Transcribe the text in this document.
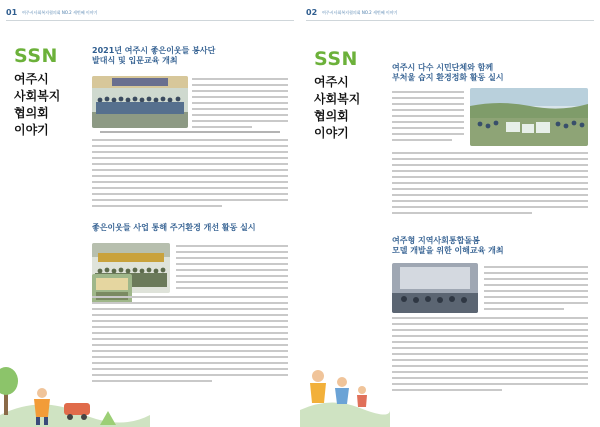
01 여주시사회복지협의회 NO.2 세번째 이야기
SSN
여주시
사회복지
협의회
이야기
2021년 여주시 좋은이웃들 봉사단
발대식 및 입문교육 개최
좋은이웃들 사업 통해 주거환경 개선 활동 실시
02 여주시사회복지협의회 NO.2 세번째 이야기
SSN
여주시
사회복지
협의회
이야기
여주시 다수 시민단체와 함께
부처울 습지 환경정화 활동 실시
여주형 지역사회통합돌봄
모델 개발을 위한 이해교육 개최
